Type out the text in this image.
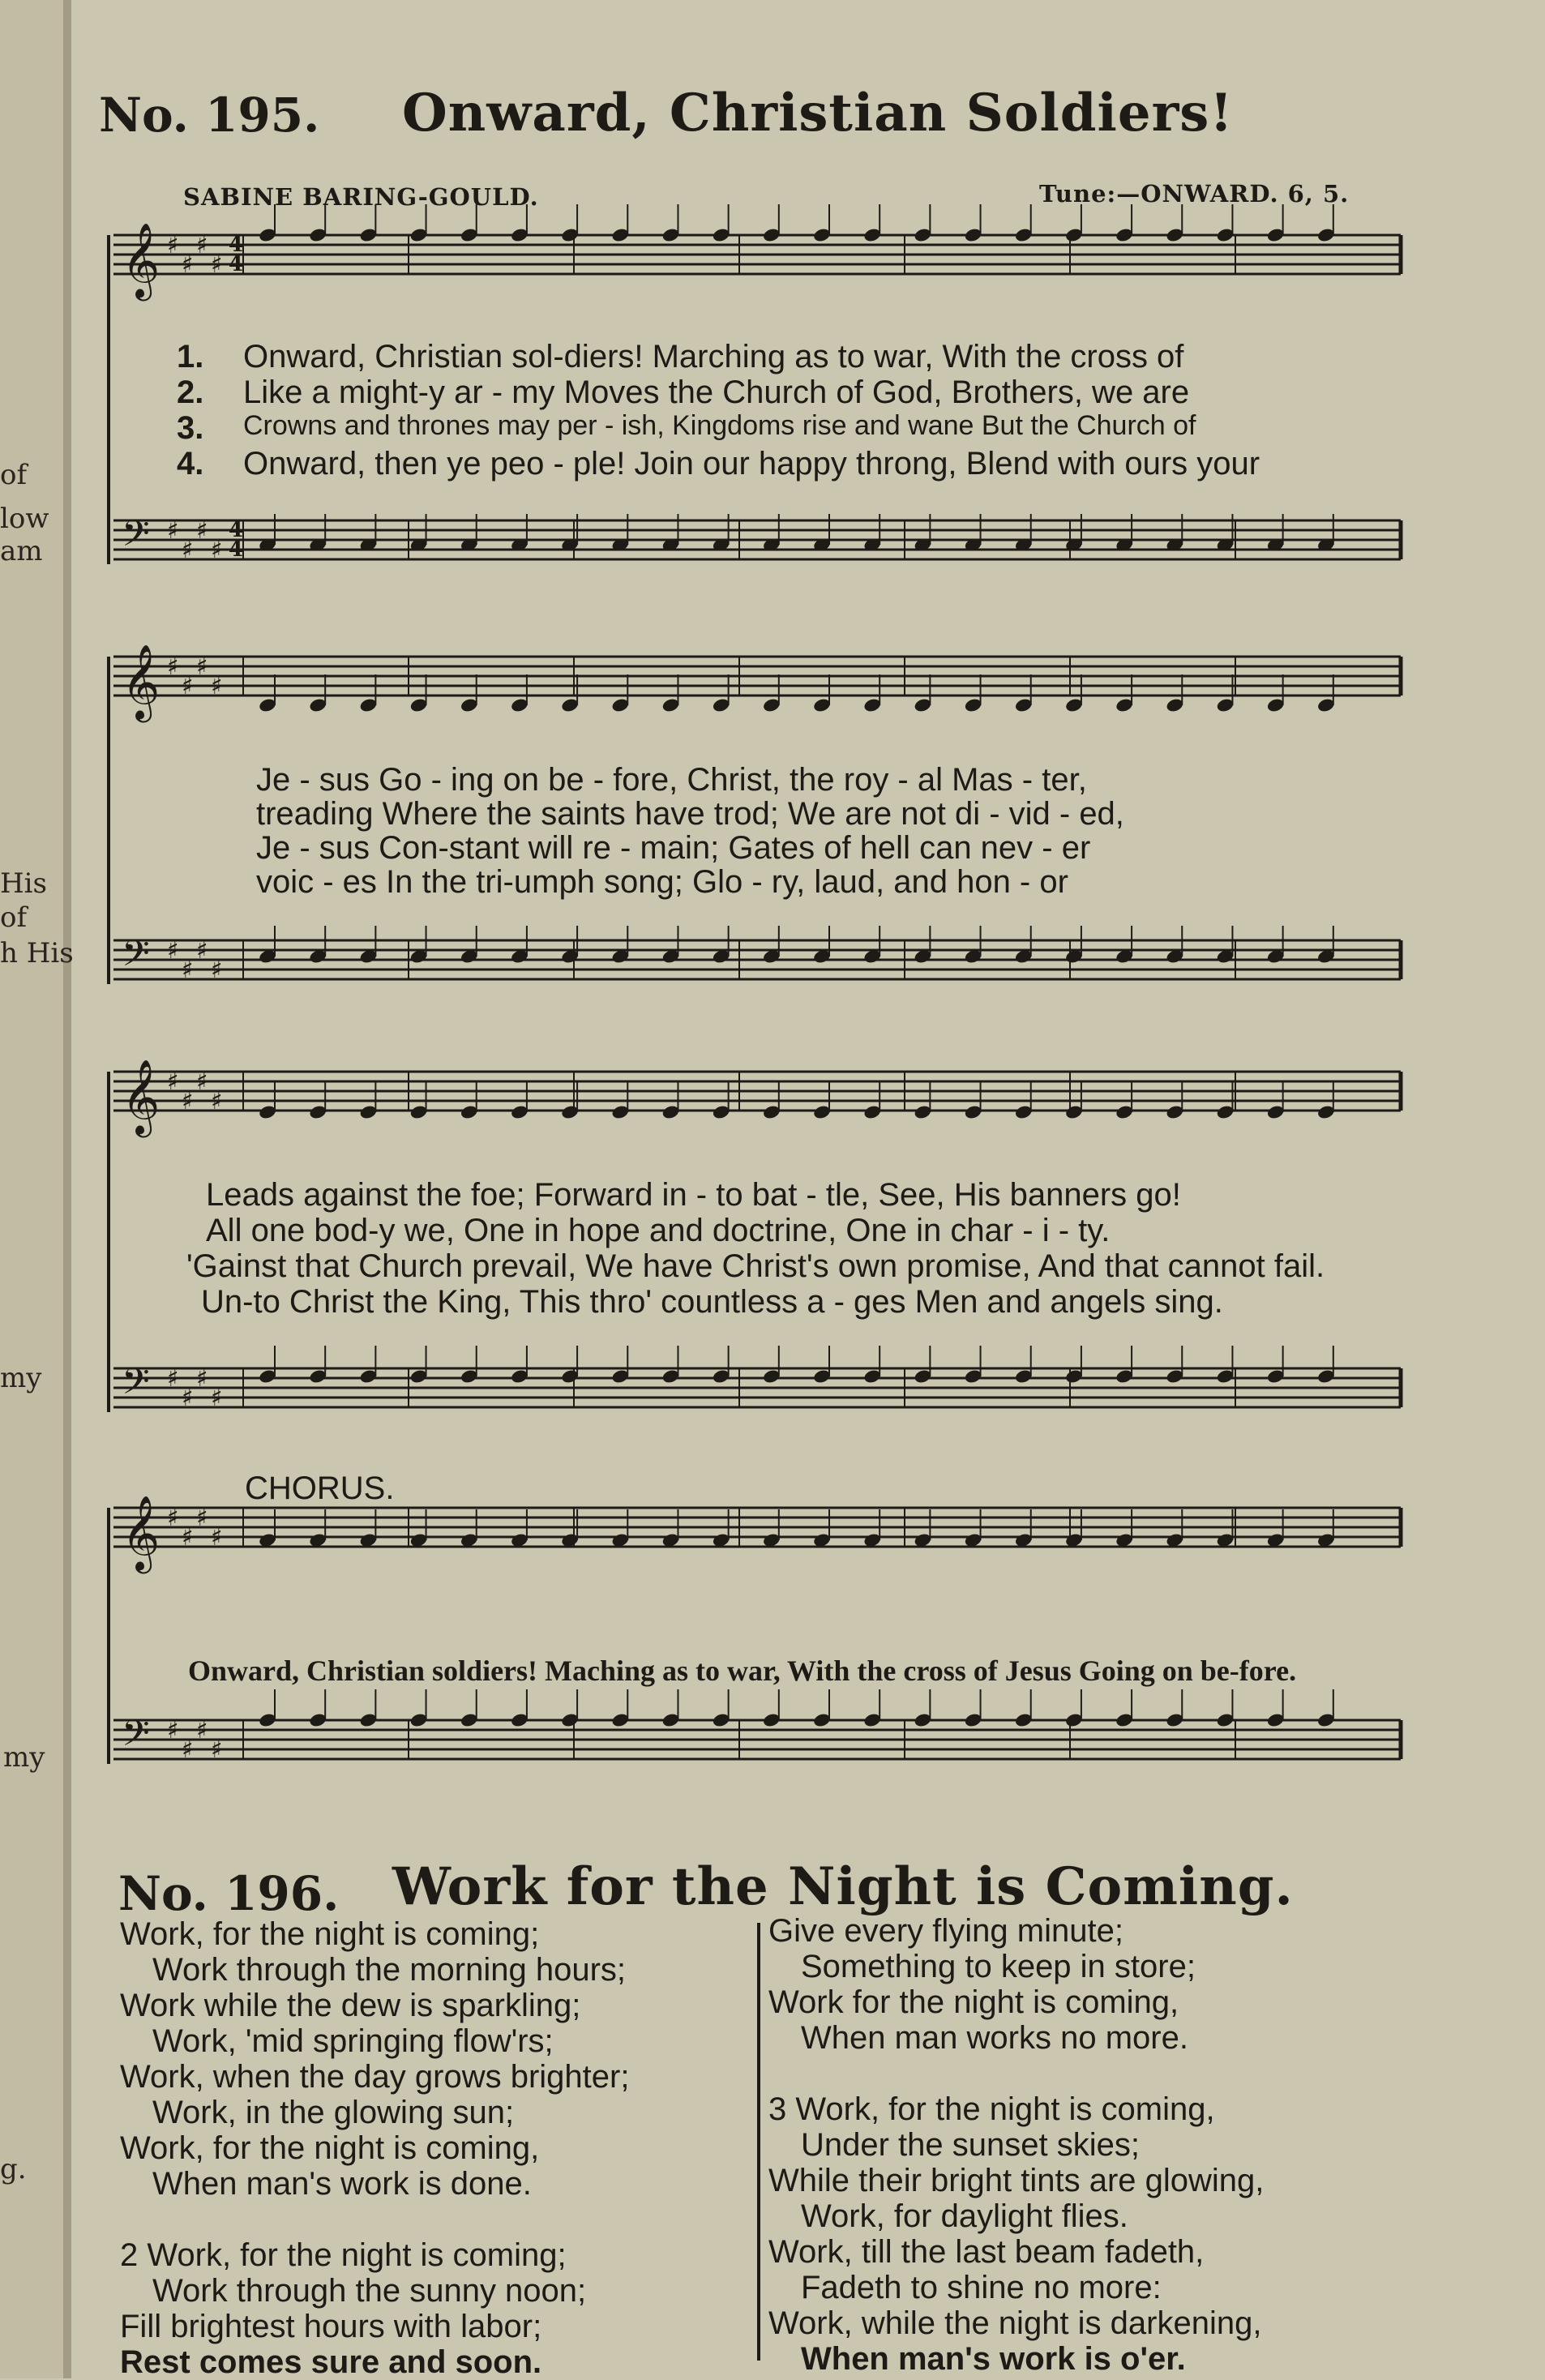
of
low
am
His
of
h His
my
my
g.
𝄞 ♯
♯
♯
♯
4
4
𝄢 ♯
♯
♯
♯
4
4
𝄞 ♯
♯
♯
♯
𝄢 ♯
♯
♯
♯
𝄞 ♯
♯
♯
♯
𝄢 ♯
♯
♯
♯
𝄞 ♯
♯
♯
♯
𝄢 ♯
♯
♯
♯
No. 195. Onward, Christian Soldiers!
SABINE BARING-GOULD.	Tune:—ONWARD. 6, 5.
1.
2.
3.
4.
Onward, Christian sol-diers! Marching as to war, With the cross of
Like a might-y ar - my Moves the Church of God, Brothers, we are
Crowns and thrones may per - ish, Kingdoms rise and wane But the Church of
Onward, then ye peo - ple! Join our happy throng, Blend with ours your
Je - sus Go - ing on be - fore, Christ, the roy - al Mas - ter,
treading Where the saints have trod; We are not di - vid - ed,
Je - sus Con-stant will re - main; Gates of hell can nev - er
voic - es In the tri-umph song; Glo - ry, laud, and hon - or
Leads against the foe; Forward in - to bat - tle, See, His banners go!
All one bod-y we, One in hope and doctrine, One in char - i - ty.
'Gainst that Church prevail, We have Christ's own promise, And that cannot fail.
Un-to Christ the King, This thro' countless a - ges Men and angels sing.
CHORUS.
Onward, Christian soldiers! Maching as to war, With the cross of Jesus Going on be-fore.
No. 196. Work for the Night is Coming.
Work, for the night is coming;
Work through the morning hours;
Work while the dew is sparkling;
Work, 'mid springing flow'rs;
Work, when the day grows brighter;
Work, in the glowing sun;
Work, for the night is coming,
When man's work is done.
2 Work, for the night is coming;
Work through the sunny noon;
Fill brightest hours with labor;
Rest comes sure and soon.
Give every flying minute;
Something to keep in store;
Work for the night is coming,
When man works no more.
3 Work, for the night is coming,
Under the sunset skies;
While their bright tints are glowing,
Work, for daylight flies.
Work, till the last beam fadeth,
Fadeth to shine no more:
Work, while the night is darkening,
When man's work is o'er.
